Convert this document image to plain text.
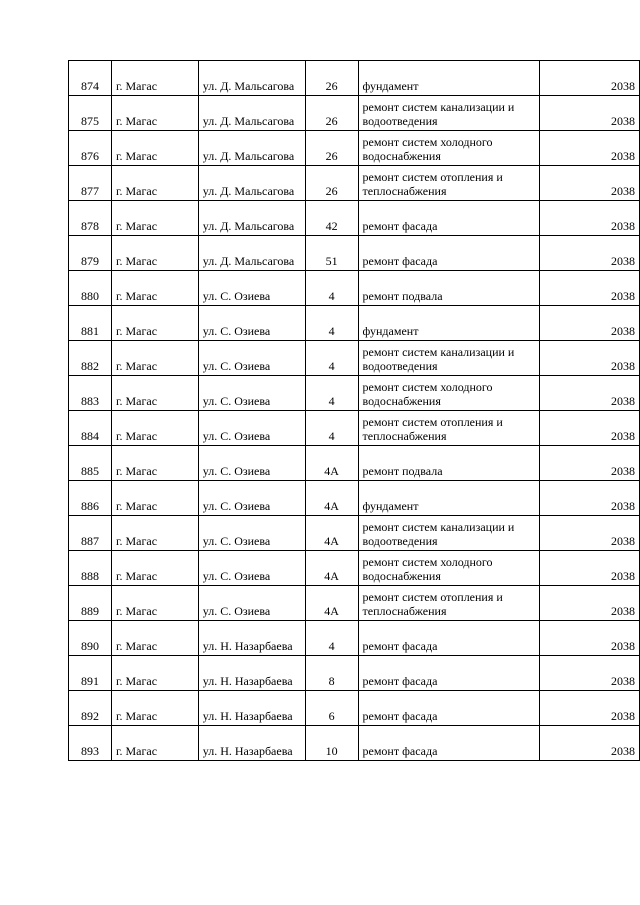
874	г. Магас	ул. Д. Мальсагова	26	фундамент	2038
875	г. Магас	ул. Д. Мальсагова	26	ремонт систем канализации и водоотведения	2038
876	г. Магас	ул. Д. Мальсагова	26	ремонт систем холодного водоснабжения	2038
877	г. Магас	ул. Д. Мальсагова	26	ремонт систем отопления и теплоснабжения	2038
878	г. Магас	ул. Д. Мальсагова	42	ремонт фасада	2038
879	г. Магас	ул. Д. Мальсагова	51	ремонт фасада	2038
880	г. Магас	ул. С. Озиева	4	ремонт подвала	2038
881	г. Магас	ул. С. Озиева	4	фундамент	2038
882	г. Магас	ул. С. Озиева	4	ремонт систем канализации и водоотведения	2038
883	г. Магас	ул. С. Озиева	4	ремонт систем холодного водоснабжения	2038
884	г. Магас	ул. С. Озиева	4	ремонт систем отопления и теплоснабжения	2038
885	г. Магас	ул. С. Озиева	4А	ремонт подвала	2038
886	г. Магас	ул. С. Озиева	4А	фундамент	2038
887	г. Магас	ул. С. Озиева	4А	ремонт систем канализации и водоотведения	2038
888	г. Магас	ул. С. Озиева	4А	ремонт систем холодного водоснабжения	2038
889	г. Магас	ул. С. Озиева	4А	ремонт систем отопления и теплоснабжения	2038
890	г. Магас	ул. Н. Назарбаева	4	ремонт фасада	2038
891	г. Магас	ул. Н. Назарбаева	8	ремонт фасада	2038
892	г. Магас	ул. Н. Назарбаева	6	ремонт фасада	2038
893	г. Магас	ул. Н. Назарбаева	10	ремонт фасада	2038
